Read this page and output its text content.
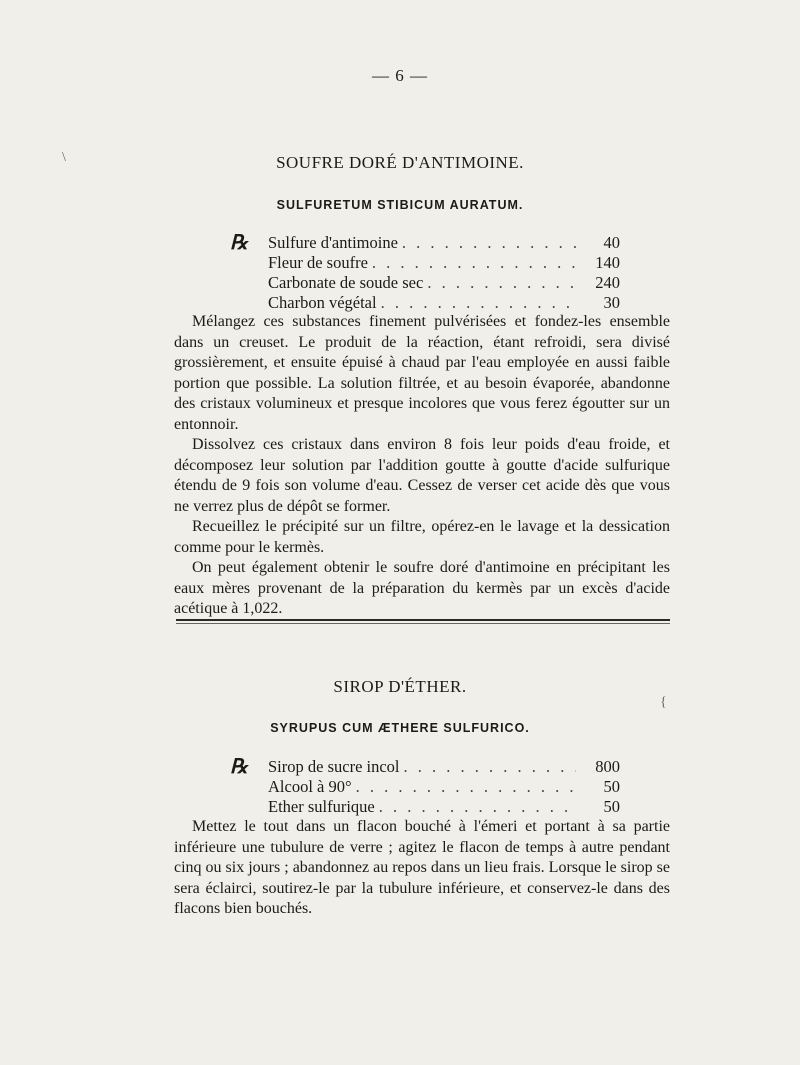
— 6 —
\
{
SOUFRE DORÉ D'ANTIMOINE.
SULFURETUM STIBICUM AURATUM.
℞ Sulfure d'antimoine . . .	40
Fleur de soufre . . .	140
Carbonate de soude sec . . .	240
Charbon végétal . . .	30

Mélangez ces substances finement pulvérisées et fondez-les ensemble dans un creuset. Le produit de la réaction, étant refroidi, sera divisé grossièrement, et ensuite épuisé à chaud par l'eau employée en aussi faible portion que possible. La solution filtrée, et au besoin évaporée, abandonne des cristaux volumineux et presque incolores que vous ferez égoutter sur un entonnoir.

Dissolvez ces cristaux dans environ 8 fois leur poids d'eau froide, et décomposez leur solution par l'addition goutte à goutte d'acide sulfurique étendu de 9 fois son volume d'eau. Cessez de verser cet acide dès que vous ne verrez plus de dépôt se former.

Recueillez le précipité sur un filtre, opérez-en le lavage et la dessication comme pour le kermès.

On peut également obtenir le soufre doré d'antimoine en précipitant les eaux mères provenant de la préparation du kermès par un excès d'acide acétique à 1,022.

SIROP D'ÉTHER.
SYRUPUS CUM ÆTHERE SULFURICO.
℞ Sirop de sucre incol . . .	800
Alcool à 90° . . .	50
Ether sulfurique . . .	50

Mettez le tout dans un flacon bouché à l'émeri et portant à sa partie inférieure une tubulure de verre ; agitez le flacon de temps à autre pendant cinq ou six jours ; abandonnez au repos dans un lieu frais. Lorsque le sirop se sera éclairci, soutirez-le par la tubulure inférieure, et conservez-le dans des flacons bien bouchés.
